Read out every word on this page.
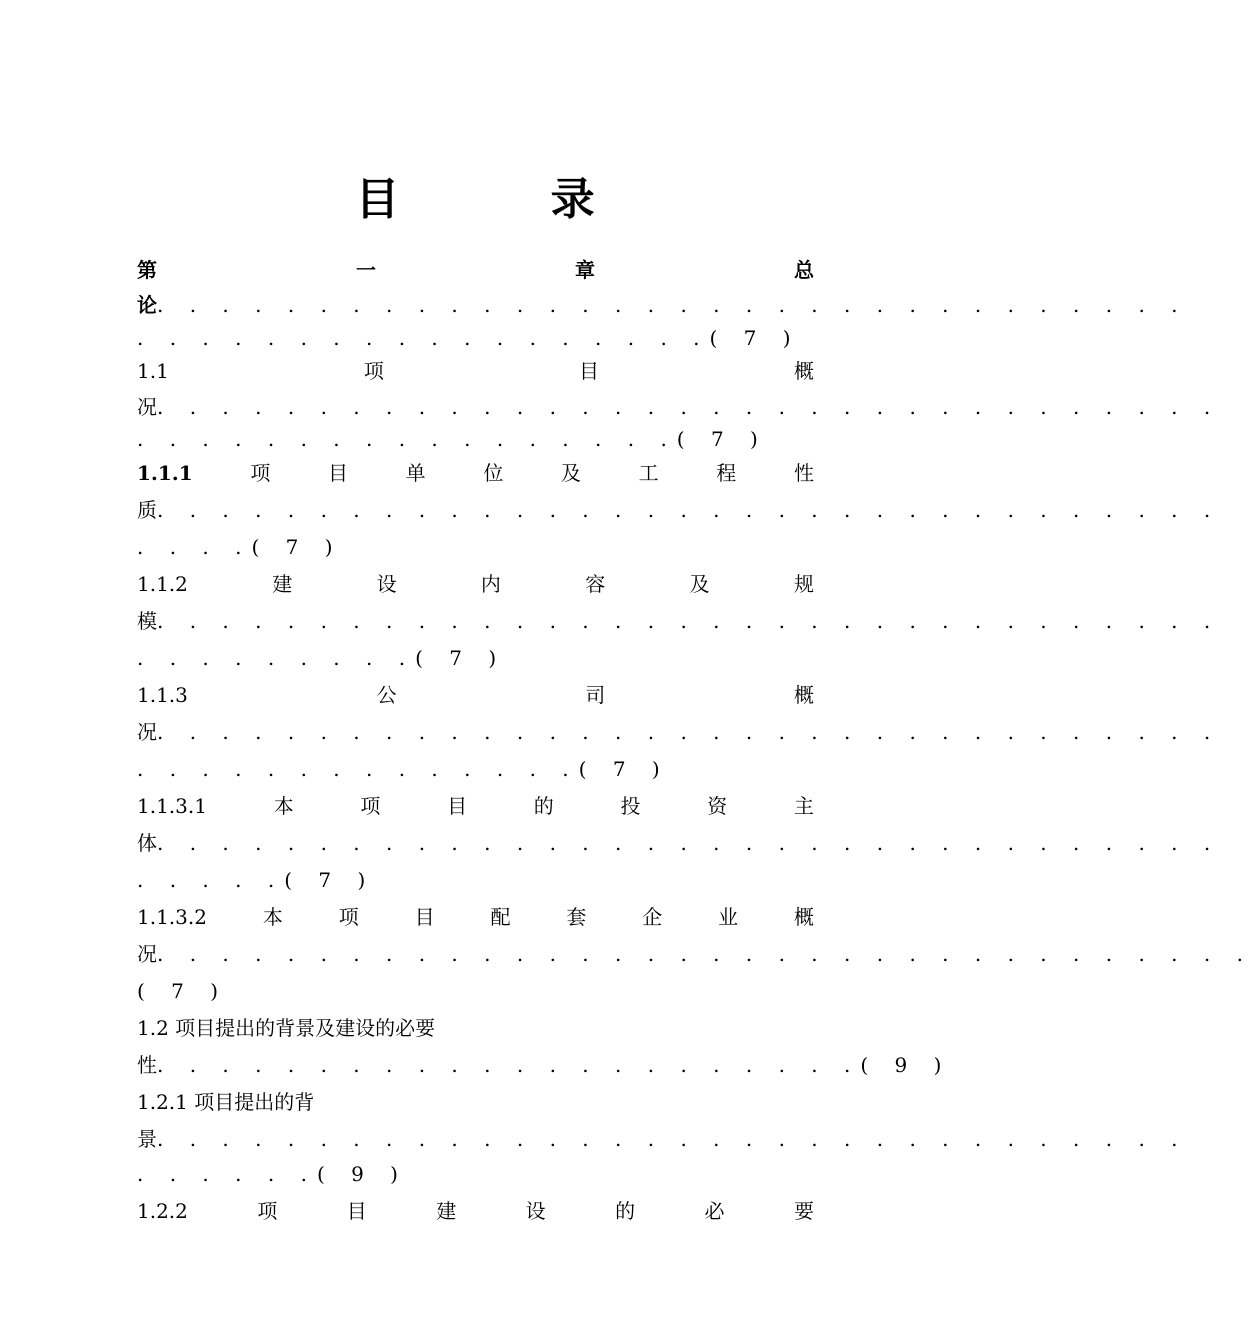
目 录
第	一	章	总
论. . . . . . . . . . . . . . . . . . . . . . . . . . . . . . . .
. . . . . . . . . . . . . . . . . .( 7 )
1.1	项	目	概
况. . . . . . . . . . . . . . . . . . . . . . . . . . . . . . . . .
. . . . . . . . . . . . . . . . .( 7 )
1.1.1	项	目	单	位	及	工	程	性
质. . . . . . . . . . . . . . . . . . . . . . . . . . . . . . . . .
. . . .( 7 )
1.1.2	建	设	内	容	及	规
模. . . . . . . . . . . . . . . . . . . . . . . . . . . . . . . . .
. . . . . . . . .( 7 )
1.1.3	公	司	概
况. . . . . . . . . . . . . . . . . . . . . . . . . . . . . . . . .
. . . . . . . . . . . . . .( 7 )
1.1.3.1	本	项	目	的	投	资	主
体. . . . . . . . . . . . . . . . . . . . . . . . . . . . . . . . .
. . . . .( 7 )
1.1.3.2	本	项	目	配	套	企	业	概
况. . . . . . . . . . . . . . . . . . . . . . . . . . . . . . . . . .
( 7 )
1.2 项目提出的背景及建设的必要
性. . . . . . . . . . . . . . . . . . . . . .( 9 )
1.2.1 项目提出的背
景. . . . . . . . . . . . . . . . . . . . . . . . . . . . . . . .
. . . . . .( 9 )
1.2.2	项	目	建	设	的	必	要
